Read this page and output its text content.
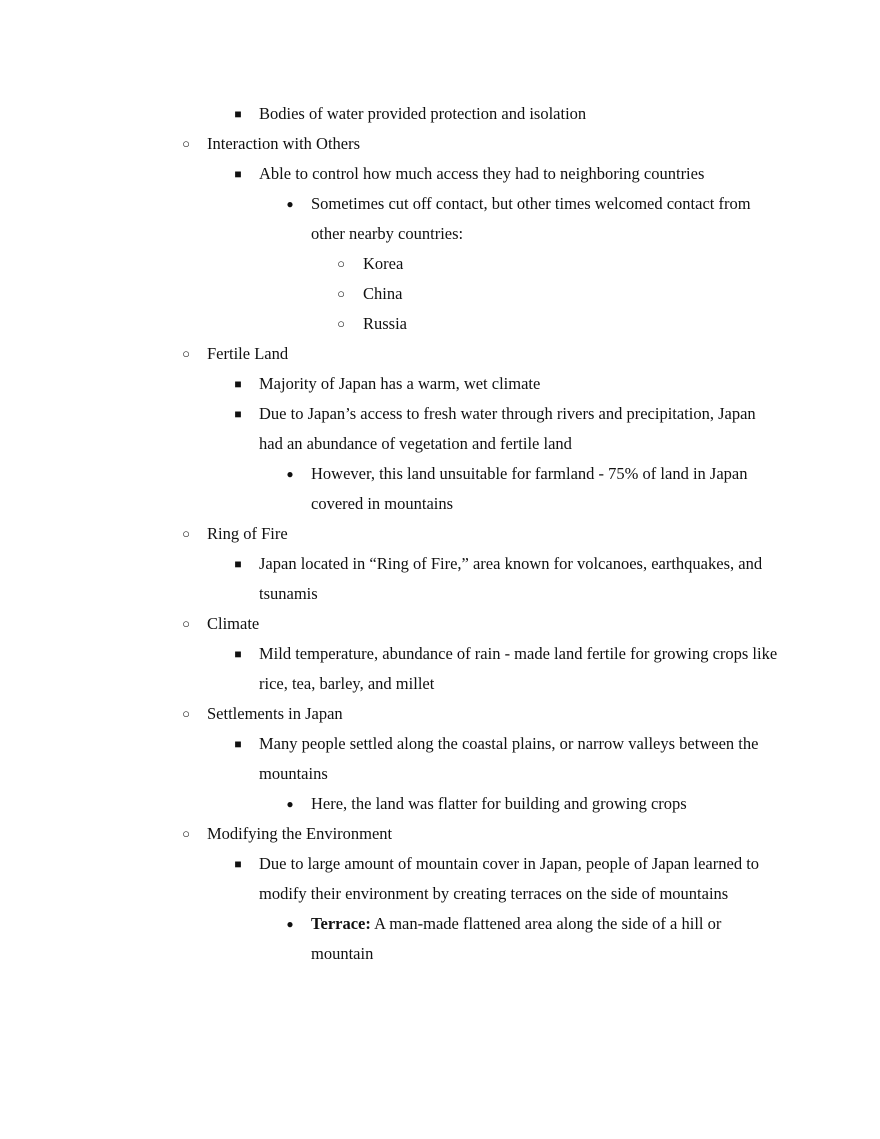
■ Bodies of water provided protection and isolation
○ Interaction with Others
■ Able to control how much access they had to neighboring countries
● Sometimes cut off contact, but other times welcomed contact from other nearby countries:
○ Korea
○ China
○ Russia
○ Fertile Land
■ Majority of Japan has a warm, wet climate
■ Due to Japan’s access to fresh water through rivers and precipitation, Japan had an abundance of vegetation and fertile land
● However, this land unsuitable for farmland - 75% of land in Japan covered in mountains
○ Ring of Fire
■ Japan located in “Ring of Fire,” area known for volcanoes, earthquakes, and tsunamis
○ Climate
■ Mild temperature, abundance of rain - made land fertile for growing crops like rice, tea, barley, and millet
○ Settlements in Japan
■ Many people settled along the coastal plains, or narrow valleys between the mountains
● Here, the land was flatter for building and growing crops
○ Modifying the Environment
■ Due to large amount of mountain cover in Japan, people of Japan learned to modify their environment by creating terraces on the side of mountains
● Terrace: A man-made flattened area along the side of a hill or mountain
